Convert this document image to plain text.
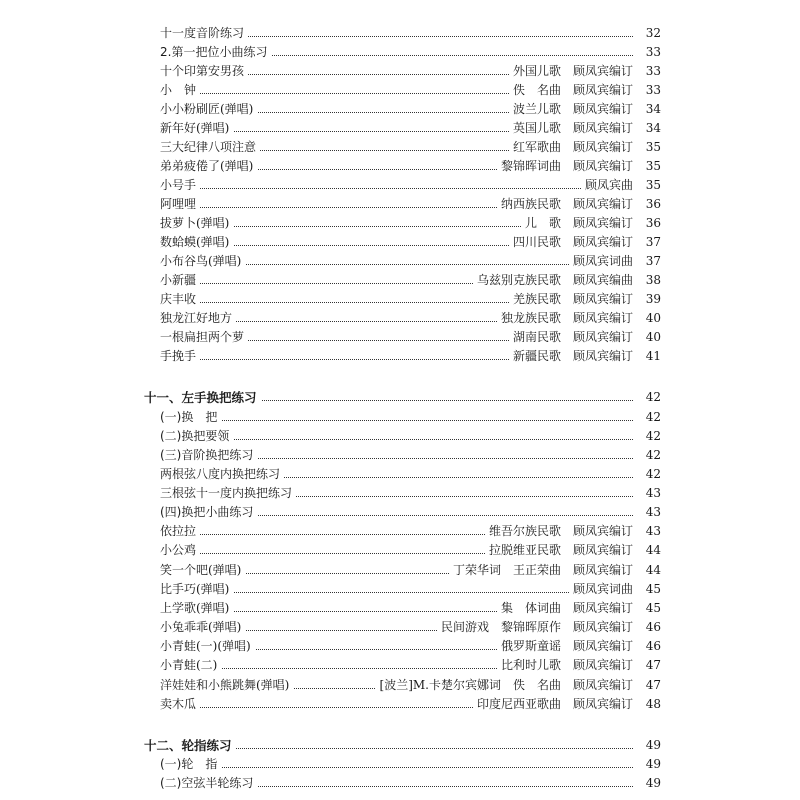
十一度音阶练习	32
2.第一把位小曲练习	33
十个印第安男孩	外国儿歌　顾凤宾编订	33
小　钟	佚　名曲　顾凤宾编订	33
小小粉刷匠(弹唱)	波兰儿歌　顾凤宾编订	34
新年好(弹唱)	英国儿歌　顾凤宾编订	34
三大纪律八项注意	红军歌曲　顾凤宾编订	35
弟弟疲倦了(弹唱)	黎锦晖词曲　顾凤宾编订	35
小号手	顾凤宾曲	35
阿哩哩	纳西族民歌　顾凤宾编订	36
拔萝卜(弹唱)	儿　歌　顾凤宾编订	36
数蛤蟆(弹唱)	四川民歌　顾凤宾编订	37
小布谷鸟(弹唱)	顾凤宾词曲	37
小新疆	乌兹别克族民歌　顾凤宾编曲	38
庆丰收	羌族民歌　顾凤宾编订	39
独龙江好地方	独龙族民歌　顾凤宾编订	40
一根扁担两个萝	湖南民歌　顾凤宾编订	40
手挽手	新疆民歌　顾凤宾编订	41
十一、左手换把练习	42
(一)换　把	42
(二)换把要领	42
(三)音阶换把练习	42
两根弦八度内换把练习	42
三根弦十一度内换把练习	43
(四)换把小曲练习	43
依拉拉	维吾尔族民歌　顾凤宾编订	43
小公鸡	拉脱维亚民歌　顾凤宾编订	44
笑一个吧(弹唱)	丁荣华词　王正荣曲　顾凤宾编订	44
比手巧(弹唱)	顾凤宾词曲	45
上学歌(弹唱)	集　体词曲　顾凤宾编订	45
小兔乖乖(弹唱)	民间游戏　黎锦晖原作　顾凤宾编订	46
小青蛙(一)(弹唱)	俄罗斯童谣　顾凤宾编订	46
小青蛙(二)	比利时儿歌　顾凤宾编订	47
洋娃娃和小熊跳舞(弹唱)	[波兰]M.卡楚尔宾娜词　佚　名曲　顾凤宾编订	47
卖木瓜	印度尼西亚歌曲　顾凤宾编订	48
十二、轮指练习	49
(一)轮　指	49
(二)空弦半轮练习	49
